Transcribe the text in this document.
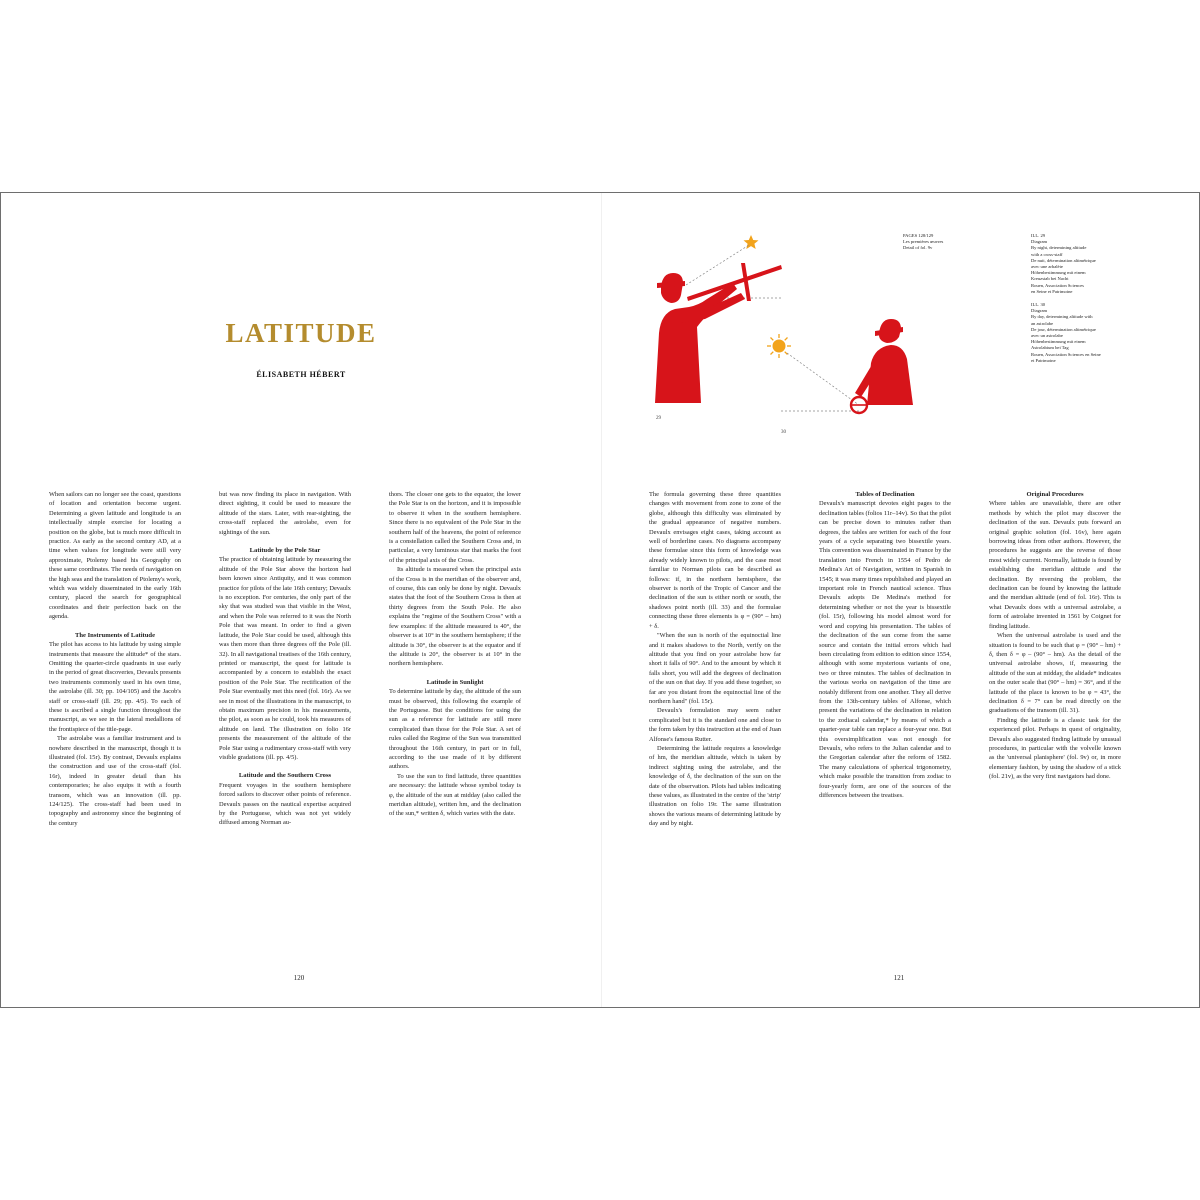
LATITUDE
ÉLISABETH HÉBERT

When sailors can no longer see the coast, questions of location and orientation become urgent. Determining a given latitude and longitude is an intellectually simple exercise for locating a position on the globe, but is much more difficult in practice. As early as the second century AD, at a time when values for longitude were still very approximate, Ptolemy based his Geography on these same coordinates. The needs of navigation on the high seas and the translation of Ptolemy's work, which was widely disseminated in the early 16th century, placed the search for geographical coordinates and their perfection back on the agenda.

The Instruments of Latitude

The pilot has access to his latitude by using simple instruments that measure the altitude* of the stars. Omitting the quarter-circle quadrants in use early in the period of great discoveries, Devaulx presents two instruments commonly used in his own time, the astrolabe (ill. 30; pp. 104/105) and the Jacob's staff or cross-staff (ill. 29; pp. 4/5). To each of these is ascribed a single function throughout the manuscript, as we see in the lateral medallions of the frontispiece of the title-page.

The astrolabe was a familiar instrument and is nowhere described in the manuscript, though it is illustrated (fol. 15r). By contrast, Devaulx explains the construction and use of the cross-staff (fol. 16r), indeed in greater detail than his contemporaries; he also equips it with a fourth transom, which was an innovation (ill. pp. 124/125). The cross-staff had been used in topography and astronomy since the beginning of the century

but was now finding its place in navigation. With direct sighting, it could be used to measure the altitude of the stars. Later, with rear-sighting, the cross-staff replaced the astrolabe, even for sightings of the sun.

Latitude by the Pole Star

The practice of obtaining latitude by measuring the altitude of the Pole Star above the horizon had been known since Antiquity, and it was common practice for pilots of the late 16th century; Devaulx is no exception. For centuries, the only part of the sky that was studied was that visible in the West, and when the Pole was referred to it was the North Pole that was meant. In order to find a given latitude, the Pole Star could be used, although this was then more than three degrees off the Pole (ill. 32). In all navigational treatises of the 16th century, printed or manuscript, the quest for latitude is accompanied by a concern to establish the exact position of the Pole Star. The rectification of the Pole Star eventually met this need (fol. 16r). As we see in most of the illustrations in the manuscript, to obtain maximum precision in his measurements, the pilot, as soon as he could, took his measures of altitude on land. The illustration on folio 16r presents the measurement of the altitude of the Pole Star using a rudimentary cross-staff with very visible gradations (ill. pp. 4/5).

Latitude and the Southern Cross

Frequent voyages in the southern hemisphere forced sailors to discover other points of reference. Devaulx passes on the nautical expertise acquired by the Portuguese, which was not yet widely diffused among Norman au-

thors. The closer one gets to the equator, the lower the Pole Star is on the horizon, and it is impossible to observe it when in the southern hemisphere. Since there is no equivalent of the Pole Star in the southern half of the heavens, the point of reference is a constellation called the Southern Cross and, in particular, a very luminous star that marks the foot of the principal axis of the Cross.

Its altitude is measured when the principal axis of the Cross is in the meridian of the observer and, of course, this can only be done by night. Devaulx states that the foot of the Southern Cross is then at thirty degrees from the South Pole. He also explains the "regime of the Southern Cross" with a few examples: if the altitude measured is 40°, the observer is at 10° in the southern hemisphere; if the altitude is 30°, the observer is at the equator and if the altitude is 20°, the observer is at 10° in the northern hemisphere.

Latitude in Sunlight

To determine latitude by day, the altitude of the sun must be observed, this following the example of the Portuguese. But the conditions for using the sun as a reference for latitude are still more complicated than those for the Pole Star. A set of rules called the Regime of the Sun was transmitted throughout the 16th century, in part or in full, according to the use made of it by different authors.

To use the sun to find latitude, three quantities are necessary: the latitude whose symbol today is φ, the altitude of the sun at midday (also called the meridian altitude), written hm, and the declination of the sun,* written δ, which varies with the date.

120
29
30
PAGES 128/129
Les premières œuvres
Detail of fol. 9v
ILL. 29
Diagram
By night, determining altitude
with a cross-staff
De nuit, détermination altimétrique
avec une arbalète
Höhenbestimmung mit einem
Kreuzstab bei Nacht
Rouen, Association Sciences
en Seine et Patrimoine
ILL. 30
Diagram
By day, determining altitude with
an astrolabe
De jour, détermination altimétrique
avec un astrolabe
Höhenbestimmung mit einem
Astrolabium bei Tag
Rouen, Association Sciences en Seine
et Patrimoine

The formula governing these three quantities changes with movement from zone to zone of the globe, although this difficulty was eliminated by the gradual appearance of negative numbers. Devaulx envisages eight cases, taking account as well of borderline cases. No diagrams accompany these formulae since this form of knowledge was already widely known to pilots, and the case most familiar to Norman pilots can be described as follows: if, in the northern hemisphere, the observer is north of the Tropic of Cancer and the declination of the sun is either north or south, the shadows point north (ill. 33) and the formulae connecting these three elements is φ = (90° – hm) + δ.

"When the sun is north of the equinoctial line and it makes shadows to the North, verify on the altitude that you find on your astrolabe how far short it falls of 90°. And to the amount by which it falls short, you will add the degrees of declination of the sun on that day. If you add these together, so far are you distant from the equinoctial line of the northern hand" (fol. 15r).

Devaulx's formulation may seem rather complicated but it is the standard one and close to the form taken by this instruction at the end of Juan Alfonse's famous Rutter.

Determining the latitude requires a knowledge of hm, the meridian altitude, which is taken by indirect sighting using the astrolabe, and the knowledge of δ, the declination of the sun on the date of the observation. Pilots had tables indicating these values, as illustrated in the centre of the 'strip' illustration on folio 19r. The same illustration shows the various means of determining latitude by day and by night.

Tables of Declination

Devaulx's manuscript devotes eight pages to the declination tables (folios 11r–14v). So that the pilot can be precise down to minutes rather than degrees, the tables are written for each of the four years of a cycle separating two bissextile years. This convention was disseminated in France by the translation into French in 1554 of Pedro de Medina's Art of Navigation, written in Spanish in 1545; it was many times republished and played an important role in French nautical science. Thus Devaulx adopts De Medina's method for determining whether or not the year is bissextile (fol. 15r), following his model almost word for word and copying his presentation. The tables of the declination of the sun come from the same source and contain the initial errors which had been circulating from edition to edition since 1554, although with some mysterious variants of one, two or three minutes. The tables of declination in the various works on navigation of the time are notably different from one another. They all derive from the 13th-century tables of Alfonse, which present the variations of the declination in relation to the zodiacal calendar,* by means of which a quarter-year table can replace a four-year one. But this oversimplification was not enough for Devaulx, who refers to the Julian calendar and to the Gregorian calendar after the reform of 1582. The many calculations of spherical trigonometry, which make possible the transition from zodiac to four-yearly form, are one of the sources of the differences between the treatises.

Original Procedures

Where tables are unavailable, there are other methods by which the pilot may discover the declination of the sun. Devaulx puts forward an original graphic solution (fol. 16v), here again borrowing ideas from other authors. However, the procedures he suggests are the reverse of those most widely current. Normally, latitude is found by establishing the meridian altitude and the declination. By reversing the problem, the declination can be found by knowing the latitude and the meridian altitude (end of fol. 16r). This is what Devaulx does with a universal astrolabe, a form of astrolabe invented in 1561 by Coignet for finding latitude.

When the universal astrolabe is used and the situation is found to be such that φ = (90° – hm) + δ, then δ = φ – (90° – hm). As the detail of the universal astrolabe shows, if, measuring the altitude of the sun at midday, the alidade* indicates on the outer scale that (90° – hm) = 36°, and if the latitude of the place is known to be φ = 43°, the declination δ = 7° can be read directly on the graduations of the transom (ill. 31).

Finding the latitude is a classic task for the experienced pilot. Perhaps in quest of originality, Devaulx also suggested finding latitude by unusual procedures, in particular with the volvelle known as the 'universal planisphere' (fol. 9v) or, in more elementary fashion, by using the shadow of a stick (fol. 21v), as the very first navigators had done.

121
